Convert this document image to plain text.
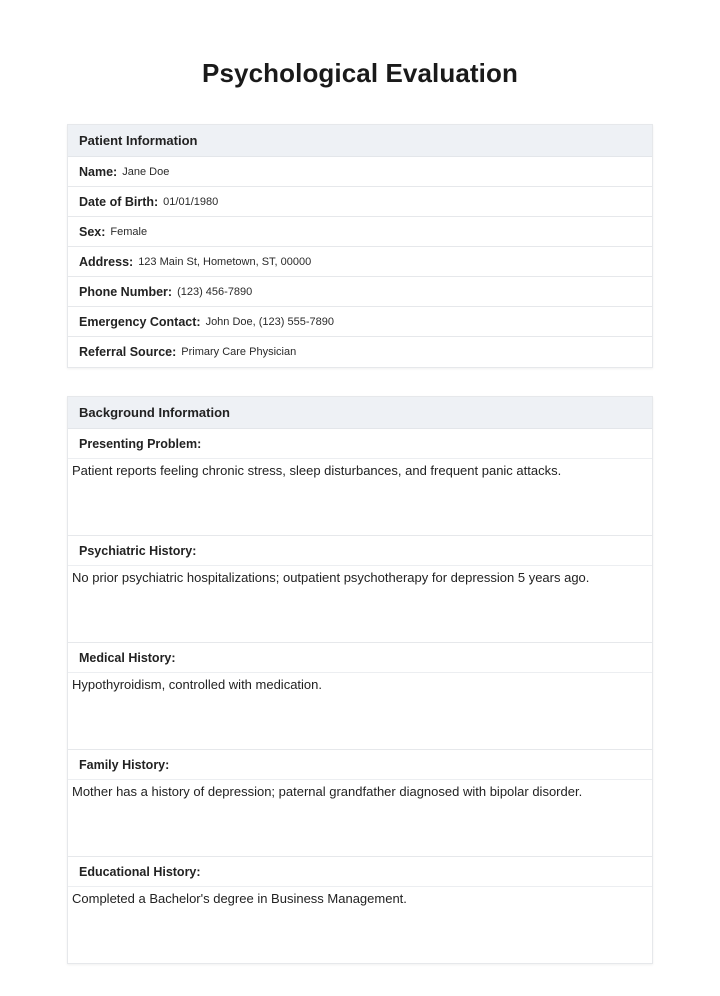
Psychological Evaluation
Patient Information
Name: Jane Doe
Date of Birth: 01/01/1980
Sex: Female
Address: 123 Main St, Hometown, ST, 00000
Phone Number: (123) 456-7890
Emergency Contact: John Doe, (123) 555-7890
Referral Source: Primary Care Physician
Background Information
Presenting Problem:
Patient reports feeling chronic stress, sleep disturbances, and frequent panic attacks.
Psychiatric History:
No prior psychiatric hospitalizations; outpatient psychotherapy for depression 5 years ago.
Medical History:
Hypothyroidism, controlled with medication.
Family History:
Mother has a history of depression; paternal grandfather diagnosed with bipolar disorder.
Educational History:
Completed a Bachelor's degree in Business Management.
